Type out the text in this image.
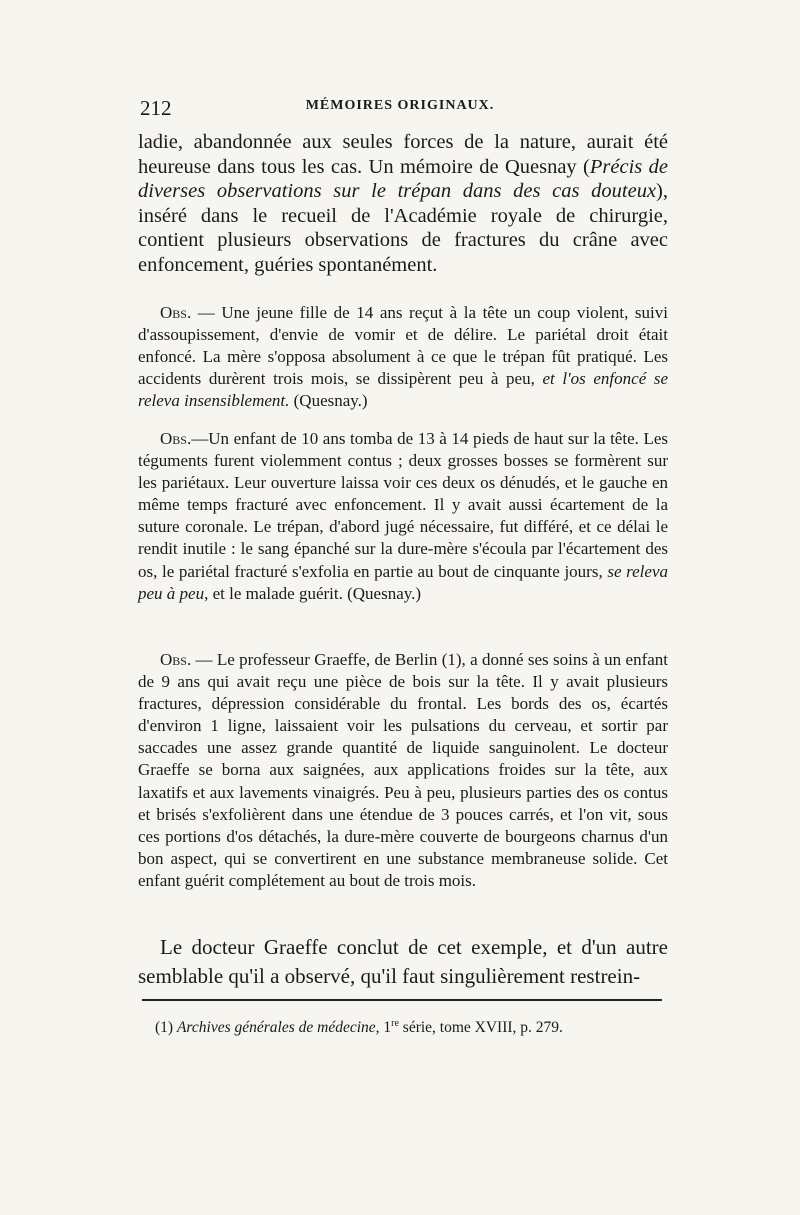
212	MÉMOIRES ORIGINAUX.

ladie, abandonnée aux seules forces de la nature, aurait été heureuse dans tous les cas. Un mémoire de Quesnay (Précis de diverses observations sur le trépan dans des cas douteux), inséré dans le recueil de l'Académie royale de chirurgie, contient plusieurs observations de fractures du crâne avec enfoncement, guéries spontanément.

Obs. — Une jeune fille de 14 ans reçut à la tête un coup violent, suivi d'assoupissement, d'envie de vomir et de délire. Le pariétal droit était enfoncé. La mère s'opposa absolument à ce que le trépan fût pratiqué. Les accidents durèrent trois mois, se dissipèrent peu à peu, et l'os enfoncé se releva insensiblement. (Quesnay.)

Obs.—Un enfant de 10 ans tomba de 13 à 14 pieds de haut sur la tête. Les téguments furent violemment contus ; deux grosses bosses se formèrent sur les pariétaux. Leur ouverture laissa voir ces deux os dénudés, et le gauche en même temps fracturé avec enfoncement. Il y avait aussi écartement de la suture coronale. Le trépan, d'abord jugé nécessaire, fut différé, et ce délai le rendit inutile : le sang épanché sur la dure-mère s'écoula par l'écartement des os, le pariétal fracturé s'exfolia en partie au bout de cinquante jours, se releva peu à peu, et le malade guérit. (Quesnay.)

Obs. — Le professeur Graeffe, de Berlin (1), a donné ses soins à un enfant de 9 ans qui avait reçu une pièce de bois sur la tête. Il y avait plusieurs fractures, dépression considérable du frontal. Les bords des os, écartés d'environ 1 ligne, laissaient voir les pulsations du cerveau, et sortir par saccades une assez grande quantité de liquide sanguinolent. Le docteur Graeffe se borna aux saignées, aux applications froides sur la tête, aux laxatifs et aux lavements vinaigrés. Peu à peu, plusieurs parties des os contus et brisés s'exfolièrent dans une étendue de 3 pouces carrés, et l'on vit, sous ces portions d'os détachés, la dure-mère couverte de bourgeons charnus d'un bon aspect, qui se convertirent en une substance membraneuse solide. Cet enfant guérit complétement au bout de trois mois.

Le docteur Graeffe conclut de cet exemple, et d'un autre semblable qu'il a observé, qu'il faut singulièrement restrein-

(1) Archives générales de médecine, 1re série, tome XVIII, p. 279.
